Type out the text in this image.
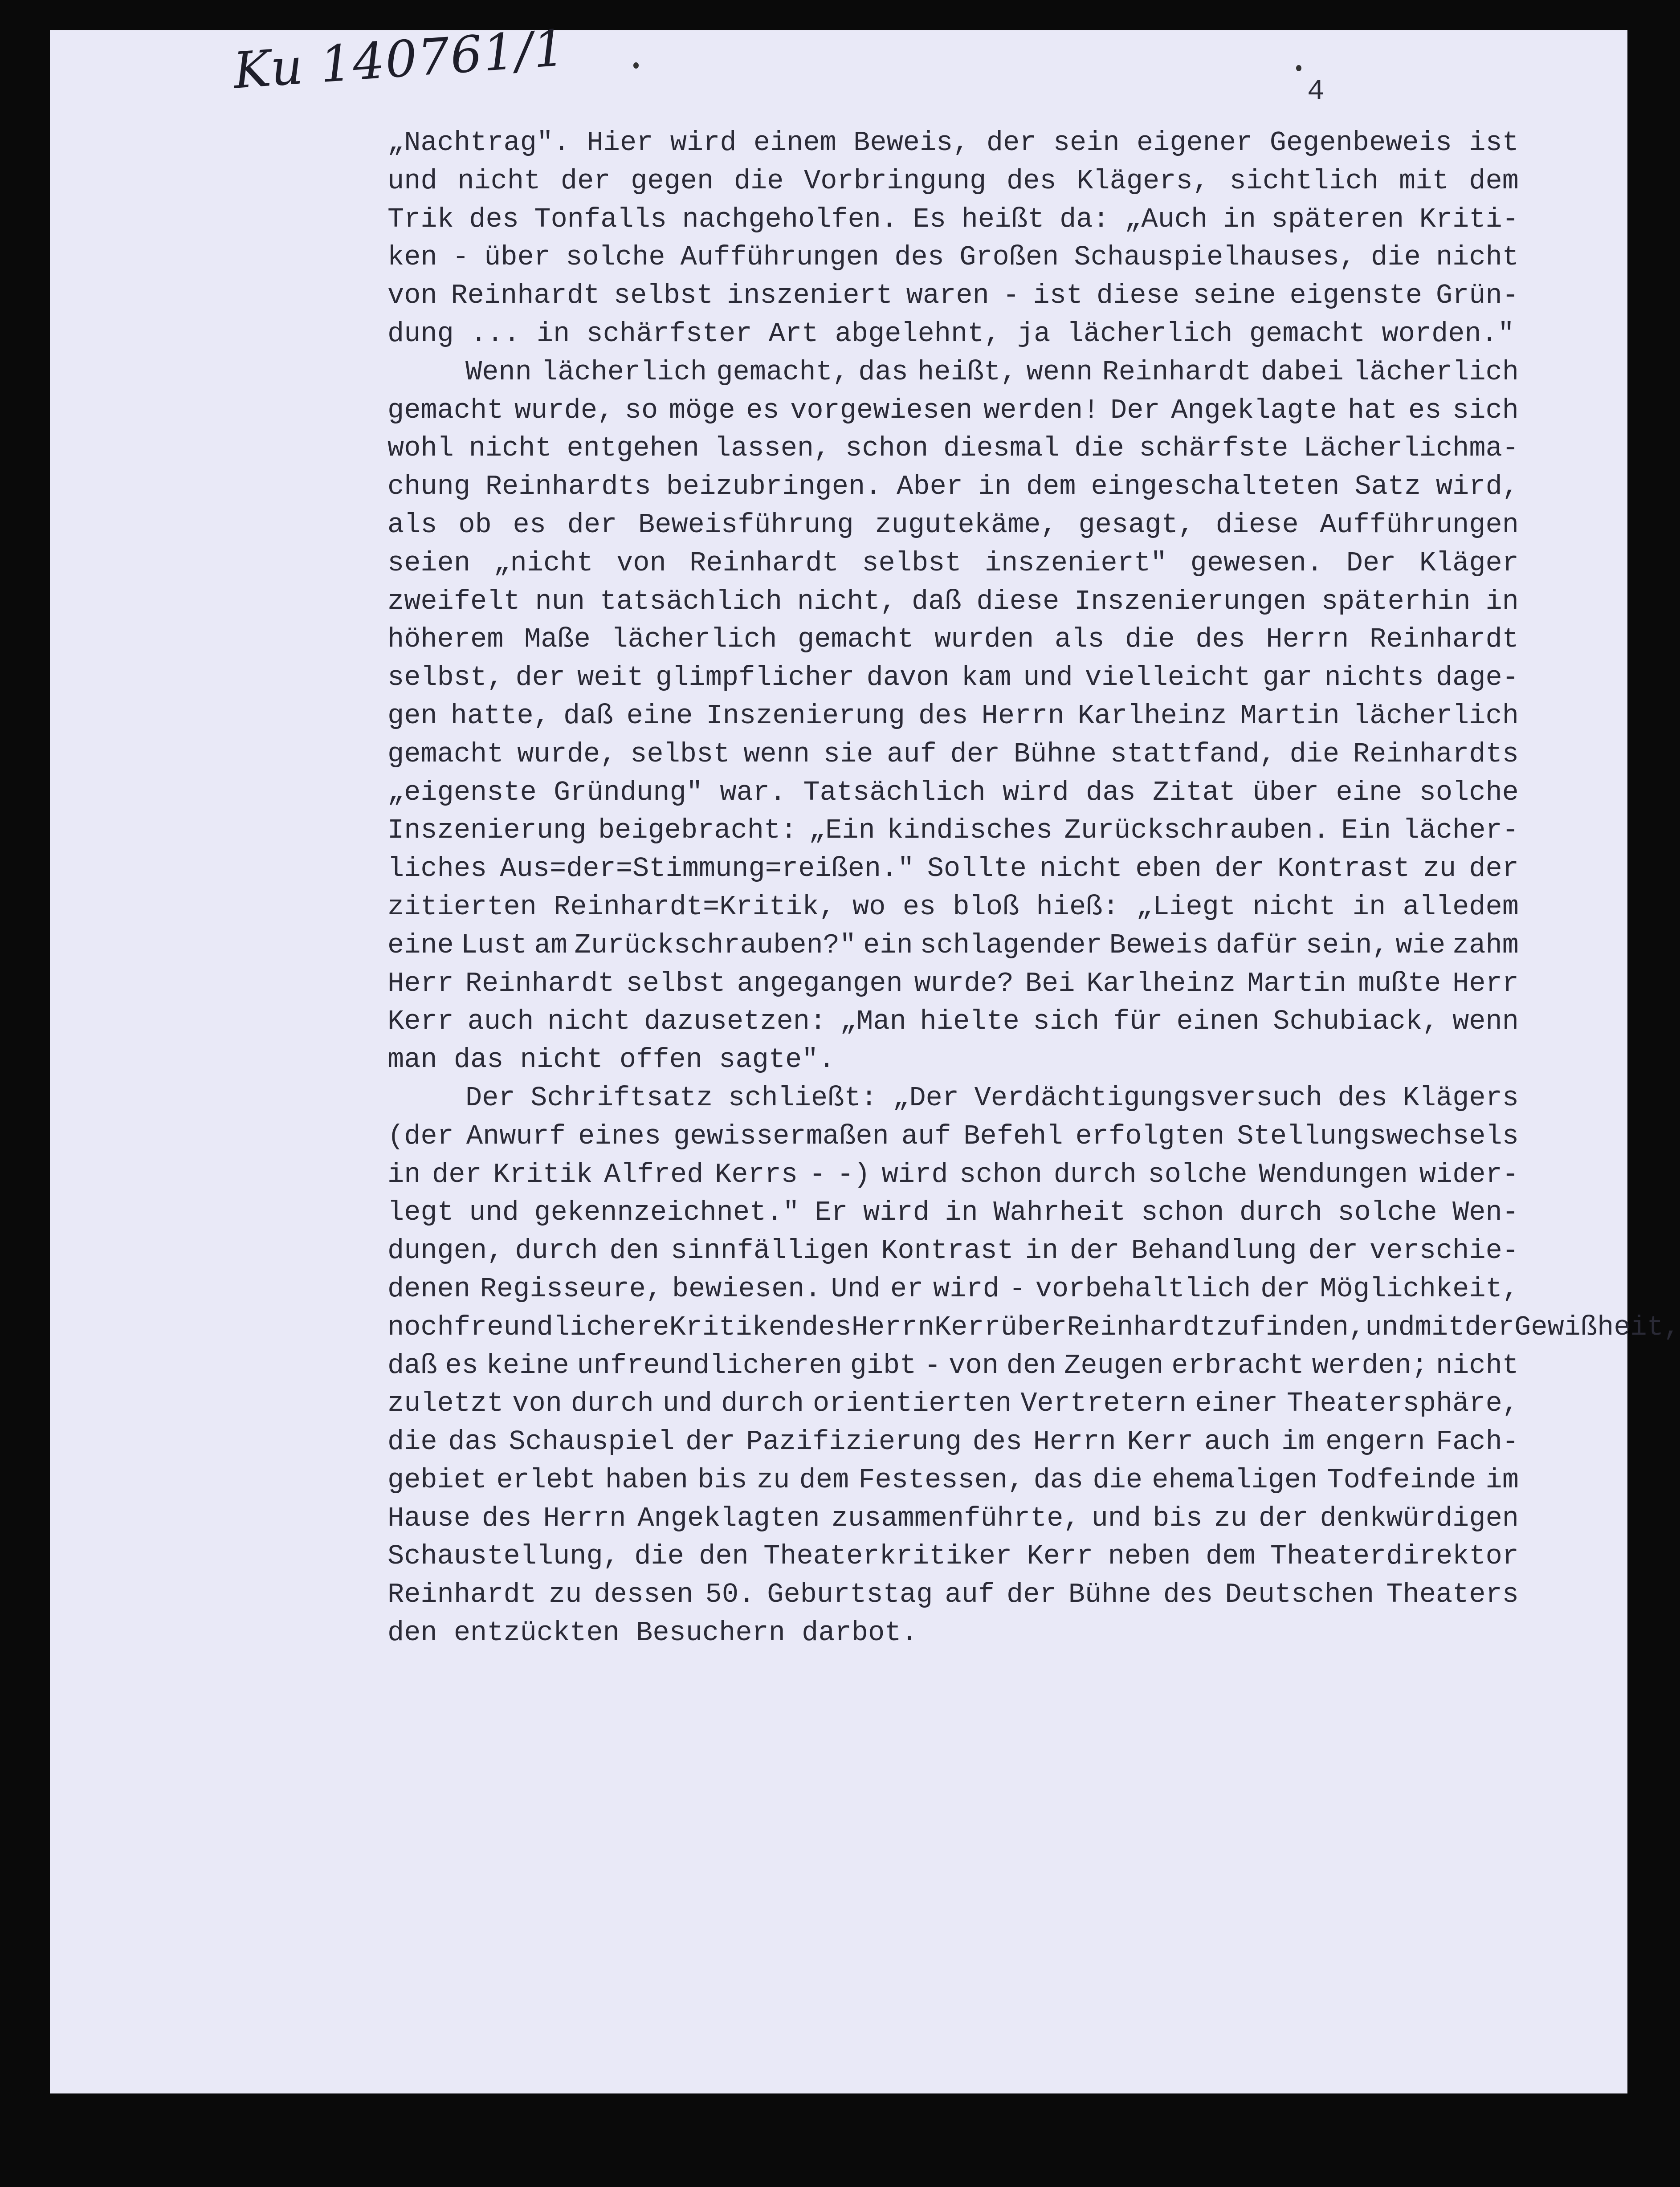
Ku 140761/1	4
„Nachtrag". Hier wird einem Beweis, der sein eigener Gegenbeweis ist
und nicht der gegen die Vorbringung des Klägers, sichtlich mit dem
Trik des Tonfalls nachgeholfen. Es heißt da: „Auch in späteren Kriti-
ken - über solche Aufführungen des Großen Schauspielhauses, die nicht
von Reinhardt selbst inszeniert waren - ist diese seine eigenste Grün-
dung ... in schärfster Art abgelehnt, ja lächerlich gemacht worden."
Wenn lächerlich gemacht, das heißt, wenn Reinhardt dabei lächerlich
gemacht wurde, so möge es vorgewiesen werden! Der Angeklagte hat es sich
wohl nicht entgehen lassen, schon diesmal die schärfste Lächerlichma-
chung Reinhardts beizubringen. Aber in dem eingeschalteten Satz wird,
als ob es der Beweisführung zugutekäme, gesagt, diese Aufführungen
seien „nicht von Reinhardt selbst inszeniert" gewesen. Der Kläger
zweifelt nun tatsächlich nicht, daß diese Inszenierungen späterhin in
höherem Maße lächerlich gemacht wurden als die des Herrn Reinhardt
selbst, der weit glimpflicher davon kam und vielleicht gar nichts dage-
gen hatte, daß eine Inszenierung des Herrn Karlheinz Martin lächerlich
gemacht wurde, selbst wenn sie auf der Bühne stattfand, die Reinhardts
„eigenste Gründung" war. Tatsächlich wird das Zitat über eine solche
Inszenierung beigebracht: „Ein kindisches Zurückschrauben. Ein lächer-
liches Aus=der=Stimmung=reißen." Sollte nicht eben der Kontrast zu der
zitierten Reinhardt=Kritik, wo es bloß hieß: „Liegt nicht in alledem
eine Lust am Zurückschrauben?" ein schlagender Beweis dafür sein, wie zahm
Herr Reinhardt selbst angegangen wurde? Bei Karlheinz Martin mußte Herr
Kerr auch nicht dazusetzen: „Man hielte sich für einen Schubiack, wenn
man das nicht offen sagte".
Der Schriftsatz schließt: „Der Verdächtigungsversuch des Klägers
(der Anwurf eines gewissermaßen auf Befehl erfolgten Stellungswechsels
in der Kritik Alfred Kerrs - -) wird schon durch solche Wendungen wider-
legt und gekennzeichnet." Er wird in Wahrheit schon durch solche Wen-
dungen, durch den sinnfälligen Kontrast in der Behandlung der verschie-
denen Regisseure, bewiesen. Und er wird - vorbehaltlich der Möglichkeit,
noch freundlichere Kritiken des Herrn Kerr über Reinhardt zu finden, und mit der Gewißheit,
daß es keine unfreundlicheren gibt - von den Zeugen erbracht werden; nicht
zuletzt von durch und durch orientierten Vertretern einer Theatersphäre,
die das Schauspiel der Pazifizierung des Herrn Kerr auch im engern Fach-
gebiet erlebt haben bis zu dem Festessen, das die ehemaligen Todfeinde im
Hause des Herrn Angeklagten zusammenführte, und bis zu der denkwürdigen
Schaustellung, die den Theaterkritiker Kerr neben dem Theaterdirektor
Reinhardt zu dessen 50. Geburtstag auf der Bühne des Deutschen Theaters
den entzückten Besuchern darbot.
